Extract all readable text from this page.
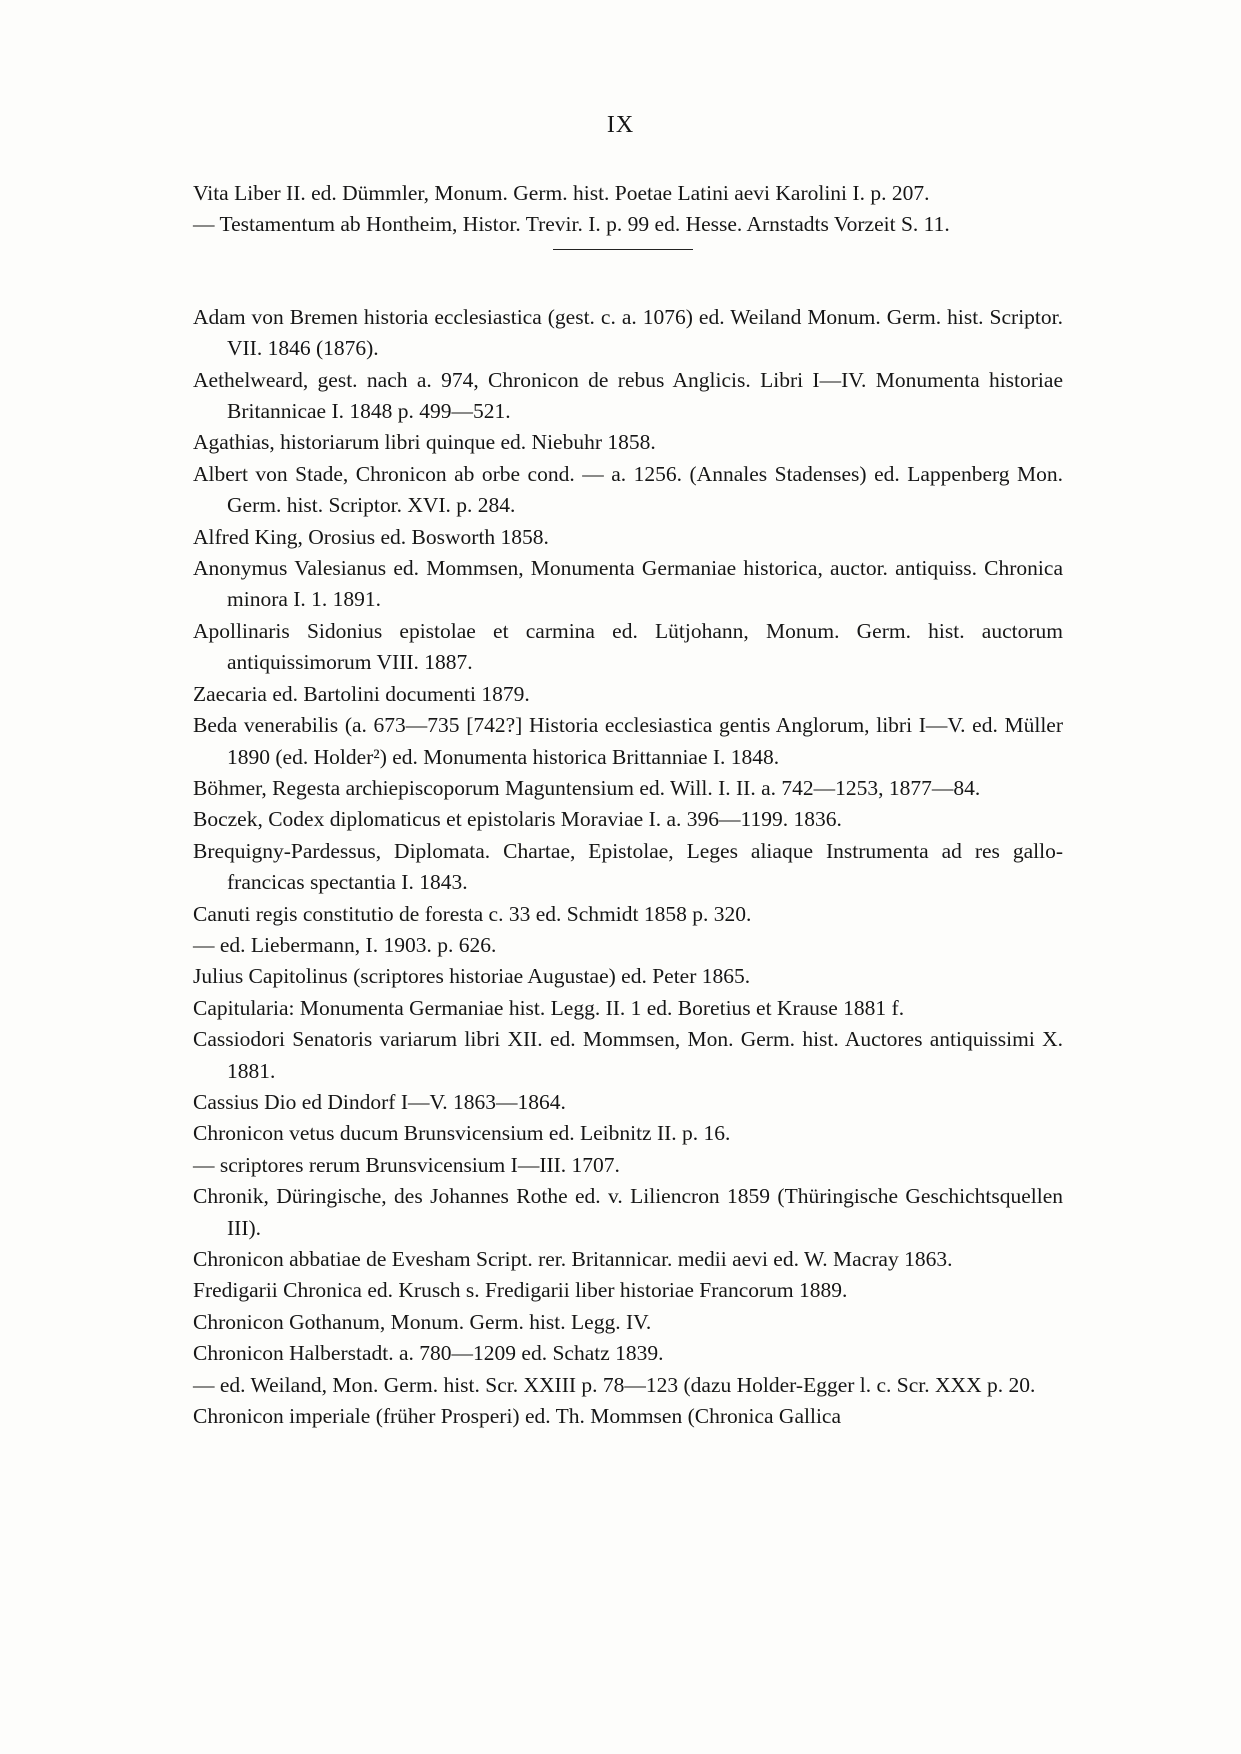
IX
Vita Liber II. ed. Dümmler, Monum. Germ. hist. Poetae Latini aevi Karolini I. p. 207.
— Testamentum ab Hontheim, Histor. Trevir. I. p. 99 ed. Hesse. Arnstadts Vorzeit S. 11.
Adam von Bremen historia ecclesiastica (gest. c. a. 1076) ed. Weiland Monum. Germ. hist. Scriptor. VII. 1846 (1876).
Aethelweard, gest. nach a. 974, Chronicon de rebus Anglicis. Libri I—IV. Monumenta historiae Britannicae I. 1848 p. 499—521.
Agathias, historiarum libri quinque ed. Niebuhr 1858.
Albert von Stade, Chronicon ab orbe cond. — a. 1256. (Annales Stadenses) ed. Lappenberg Mon. Germ. hist. Scriptor. XVI. p. 284.
Alfred King, Orosius ed. Bosworth 1858.
Anonymus Valesianus ed. Mommsen, Monumenta Germaniae historica, auctor. antiquiss. Chronica minora I. 1. 1891.
Apollinaris Sidonius epistolae et carmina ed. Lütjohann, Monum. Germ. hist. auctorum antiquissimorum VIII. 1887.
Zaecaria ed. Bartolini documenti 1879.
Beda venerabilis (a. 673—735 [742?] Historia ecclesiastica gentis Anglorum, libri I—V. ed. Müller 1890 (ed. Holder²) ed. Monumenta historica Brittanniae I. 1848.
Böhmer, Regesta archiepiscoporum Maguntensium ed. Will. I. II. a. 742—1253, 1877—84.
Boczek, Codex diplomaticus et epistolaris Moraviae I. a. 396—1199. 1836.
Brequigny-Pardessus, Diplomata. Chartae, Epistolae, Leges aliaque Instrumenta ad res gallo-francicas spectantia I. 1843.
Canuti regis constitutio de foresta c. 33 ed. Schmidt 1858 p. 320.
— ed. Liebermann, I. 1903. p. 626.
Julius Capitolinus (scriptores historiae Augustae) ed. Peter 1865.
Capitularia: Monumenta Germaniae hist. Legg. II. 1 ed. Boretius et Krause 1881 f.
Cassiodori Senatoris variarum libri XII. ed. Mommsen, Mon. Germ. hist. Auctores antiquissimi X. 1881.
Cassius Dio ed Dindorf I—V. 1863—1864.
Chronicon vetus ducum Brunsvicensium ed. Leibnitz II. p. 16.
— scriptores rerum Brunsvicensium I—III. 1707.
Chronik, Düringische, des Johannes Rothe ed. v. Liliencron 1859 (Thüringische Geschichtsquellen III).
Chronicon abbatiae de Evesham Script. rer. Britannicar. medii aevi ed. W. Macray 1863.
Fredigarii Chronica ed. Krusch s. Fredigarii liber historiae Francorum 1889.
Chronicon Gothanum, Monum. Germ. hist. Legg. IV.
Chronicon Halberstadt. a. 780—1209 ed. Schatz 1839.
— ed. Weiland, Mon. Germ. hist. Scr. XXIII p. 78—123 (dazu Holder-Egger l. c. Scr. XXX p. 20.
Chronicon imperiale (früher Prosperi) ed. Th. Mommsen (Chronica Gallica
